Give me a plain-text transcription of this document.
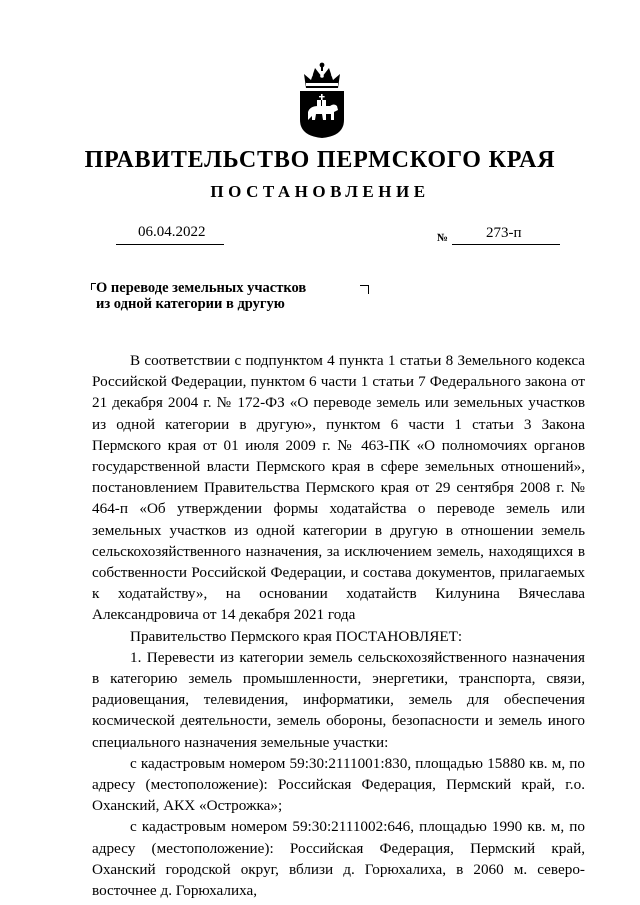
ПРАВИТЕЛЬСТВО ПЕРМСКОГО КРАЯ
ПОСТАНОВЛЕНИЕ
06.04.2022	№	273-п
О переводе земельных участков
из одной категории в другую

В соответствии с подпунктом 4 пункта 1 статьи 8 Земельного кодекса Российской Федерации, пунктом 6 части 1 статьи 7 Федерального закона от 21 декабря 2004 г. № 172-ФЗ «О переводе земель или земельных участков из одной категории в другую», пунктом 6 части 1 статьи 3 Закона Пермского края от 01 июля 2009 г. № 463-ПК «О полномочиях органов государственной власти Пермского края в сфере земельных отношений», постановлением Правительства Пермского края от 29 сентября 2008 г. № 464-п «Об утверждении формы ходатайства о переводе земель или земельных участков из одной категории в другую в отношении земель сельскохозяйственного назначения, за исключением земель, находящихся в собственности Российской Федерации, и состава документов, прилагаемых к ходатайству», на основании ходатайств Килунина Вячеслава Александровича от 14 декабря 2021 года

Правительство Пермского края ПОСТАНОВЛЯЕТ:

1. Перевести из категории земель сельскохозяйственного назначения в категорию земель промышленности, энергетики, транспорта, связи, радиовещания, телевидения, информатики, земель для обеспечения космической деятельности, земель обороны, безопасности и земель иного специального назначения земельные участки:

с кадастровым номером 59:30:2111001:830, площадью 15880 кв. м, по адресу (местоположение): Российская Федерация, Пермский край, г.о. Оханский, АКХ «Острожка»;

с кадастровым номером 59:30:2111002:646, площадью 1990 кв. м, по адресу (местоположение): Российская Федерация, Пермский край, Оханский городской округ, вблизи д. Горюхалиха, в 2060 м. северо-восточнее д. Горюхалиха,
